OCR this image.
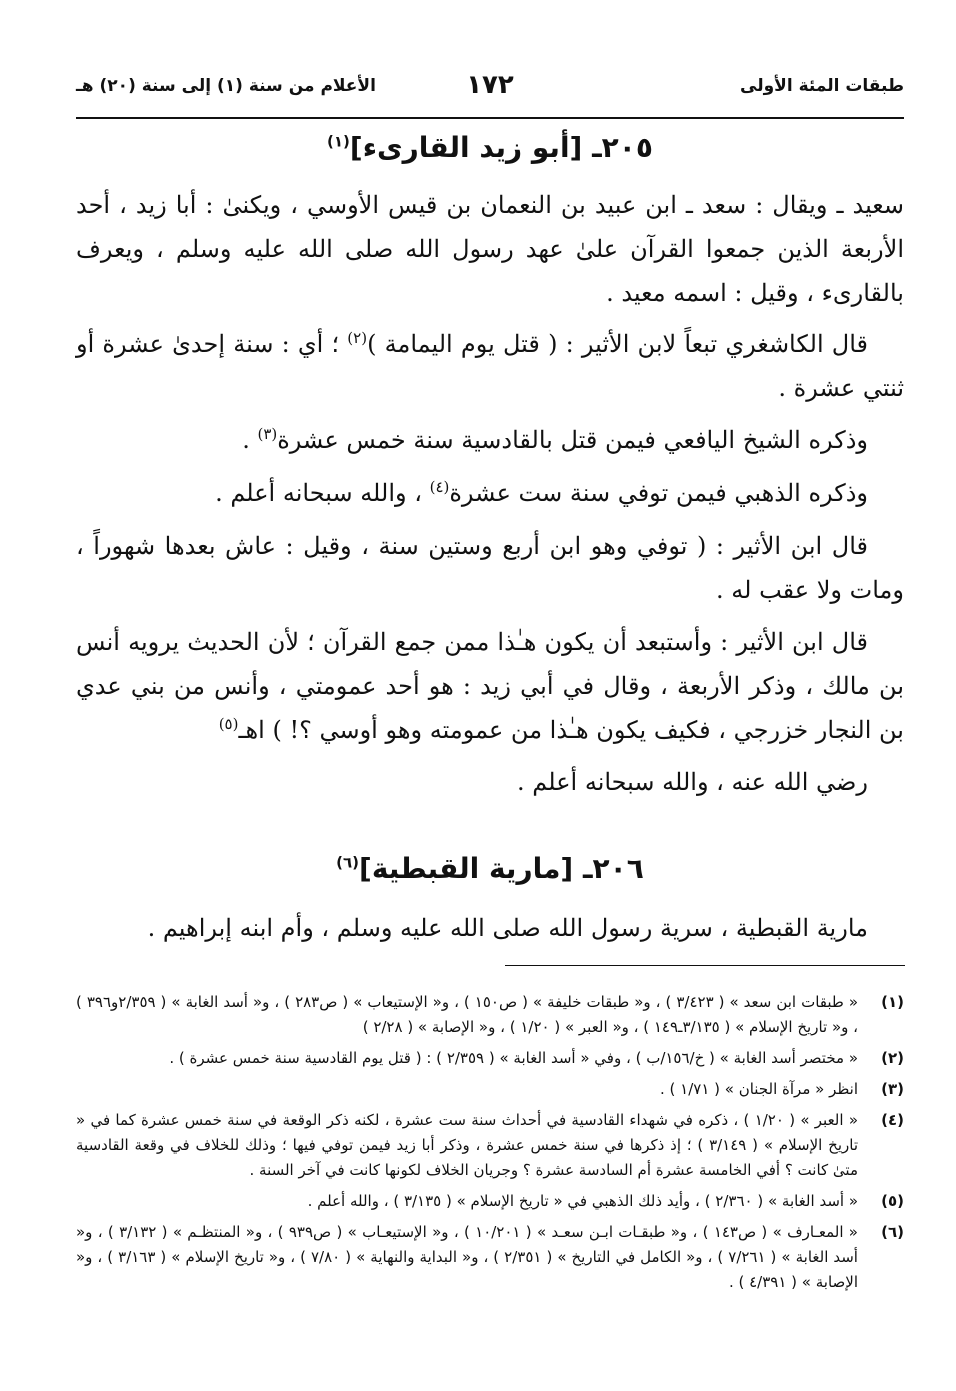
طبقات المئة الأولى
١٧٢
الأعلام من سنة (١) إلى سنة (٢٠) هـ
٢٠٥ـ [أبو زيد القارىء]$^{(١)}$

سعيد ـ ويقال : سعد ـ ابن عبيد بن النعمان بن قيس الأوسي ، ويكنىٰ : أبا زيد ، أحد الأربعة الذين جمعوا القرآن علىٰ عهد رسول الله صلى الله عليه وسلم ، ويعرف بالقارىء ، وقيل : اسمه معيد .

قال الكاشغري تبعاً لابن الأثير : ( قتل يوم اليمامة )$^{(٢)}$ ؛ أي : سنة إحدىٰ عشرة أو ثنتي عشرة .

وذكره الشيخ اليافعي فيمن قتل بالقادسية سنة خمس عشرة$^{(٣)}$ .

وذكره الذهبي فيمن توفي سنة ست عشرة$^{(٤)}$ ، والله سبحانه أعلم .

قال ابن الأثير : ( توفي وهو ابن أربع وستين سنة ، وقيل : عاش بعدها شهوراً ، ومات ولا عقب له .

قال ابن الأثير : وأستبعد أن يكون هـٰذا ممن جمع القرآن ؛ لأن الحديث يرويه أنس بن مالك ، وذكر الأربعة ، وقال في أبي زيد : هو أحد عمومتي ، وأنس من بني عدي بن النجار خزرجي ، فكيف يكون هـٰذا من عمومته وهو أوسي ؟! ) اهـ$^{(٥)}$

رضي الله عنه ، والله سبحانه أعلم .

٢٠٦ـ [مارية القبطية]$^{(٦)}$

مارية القبطية ، سرية رسول الله صلى الله عليه وسلم ، وأم ابنه إبراهيم .

(١)
« طبقات ابن سعد » ( ٣/٤٢٣ ) ، و« طبقات خليفة » ( ص١٥٠ ) ، و« الإستيعاب » ( ص٢٨٣ ) ، و« أسد الغابة » ( ٢/٣٥٩و٣٩٦ ) ، و« تاريخ الإسلام » ( ٣/١٣٥ـ١٤٩ ) ، و« العبر » ( ١/٢٠ ) ، و« الإصابة » ( ٢/٢٨ )
(٢)
« مختصر أسد الغابة » ( خ/١٥٦/ب ) ، وفي « أسد الغابة » ( ٢/٣٥٩ ) : ( قتل يوم القادسية سنة خمس عشرة ) .
(٣)
انظر « مرآة الجنان » ( ١/٧١ ) .
(٤)
« العبر » ( ١/٢٠ ) ، ذكره في شهداء القادسية في أحداث سنة ست عشرة ، لكنه ذكر الوقعة في سنة خمس عشرة كما في « تاريخ الإسلام » ( ٣/١٤٩ ) ؛ إذ ذكرها في سنة خمس عشرة ، وذكر أبا زيد فيمن توفي فيها ؛ وذلك للخلاف في وقعة القادسية متىٰ كانت ؟ أفي الخامسة عشرة أم السادسة عشرة ؟ وجريان الخلاف لكونها كانت في آخر السنة .
(٥)
« أسد الغابة » ( ٢/٣٦٠ ) ، وأيد ذلك الذهبي في « تاريخ الإسلام » ( ٣/١٣٥ ) ، والله أعلم .
(٦)
« المعـارف » ( ص١٤٣ ) ، و« طبقـات ابـن سعـد » ( ١٠/٢٠١ ) ، و« الإستيعـاب » ( ص٩٣٩ ) ، و« المنتظـم » ( ٣/١٣٢ ) ، و« أسد الغابة » ( ٧/٢٦١ ) ، و« الكامل في التاريخ » ( ٢/٣٥١ ) ، و« البداية والنهاية » ( ٧/٨٠ ) ، و« تاريخ الإسلام » ( ٣/١٦٣ ) ، و« الإصابة » ( ٤/٣٩١ ) .
